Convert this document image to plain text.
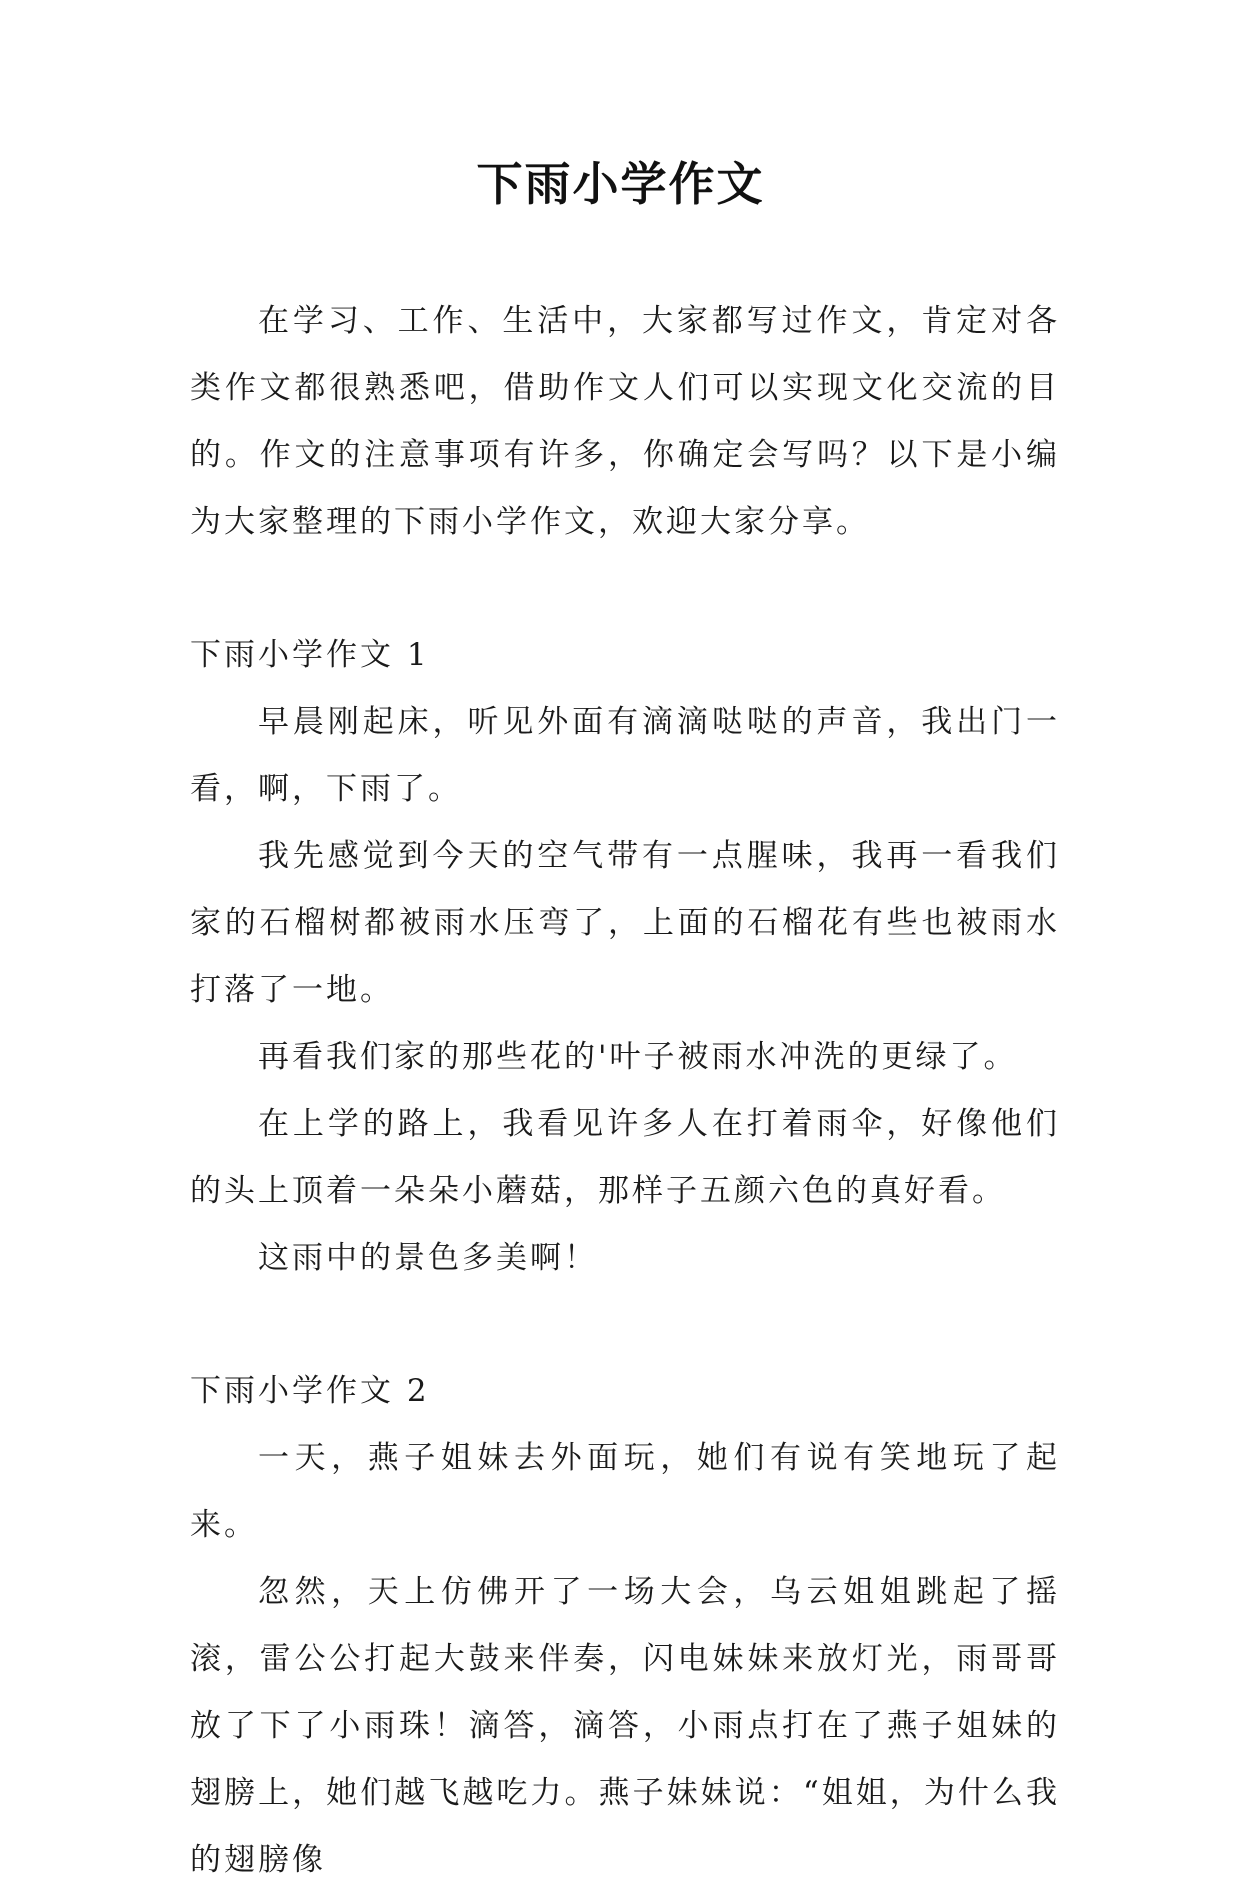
下雨小学作文

在学习、工作、生活中，大家都写过作文，肯定对各类作文都很熟悉吧，借助作文人们可以实现文化交流的目的。作文的注意事项有许多，你确定会写吗？以下是小编为大家整理的下雨小学作文，欢迎大家分享。

下雨小学作文 1

早晨刚起床，听见外面有滴滴哒哒的声音，我出门一看，啊，下雨了。

我先感觉到今天的空气带有一点腥味，我再一看我们家的石榴树都被雨水压弯了，上面的石榴花有些也被雨水打落了一地。

再看我们家的那些花的'叶子被雨水冲洗的更绿了。

在上学的路上，我看见许多人在打着雨伞，好像他们的头上顶着一朵朵小蘑菇，那样子五颜六色的真好看。

这雨中的景色多美啊！

下雨小学作文 2

一天，燕子姐妹去外面玩，她们有说有笑地玩了起来。

忽然，天上仿佛开了一场大会，乌云姐姐跳起了摇滚，雷公公打起大鼓来伴奏，闪电妹妹来放灯光，雨哥哥放了下了小雨珠！滴答，滴答，小雨点打在了燕子姐妹的翅膀上，她们越飞越吃力。燕子妹妹说：“姐姐，为什么我的翅膀像
